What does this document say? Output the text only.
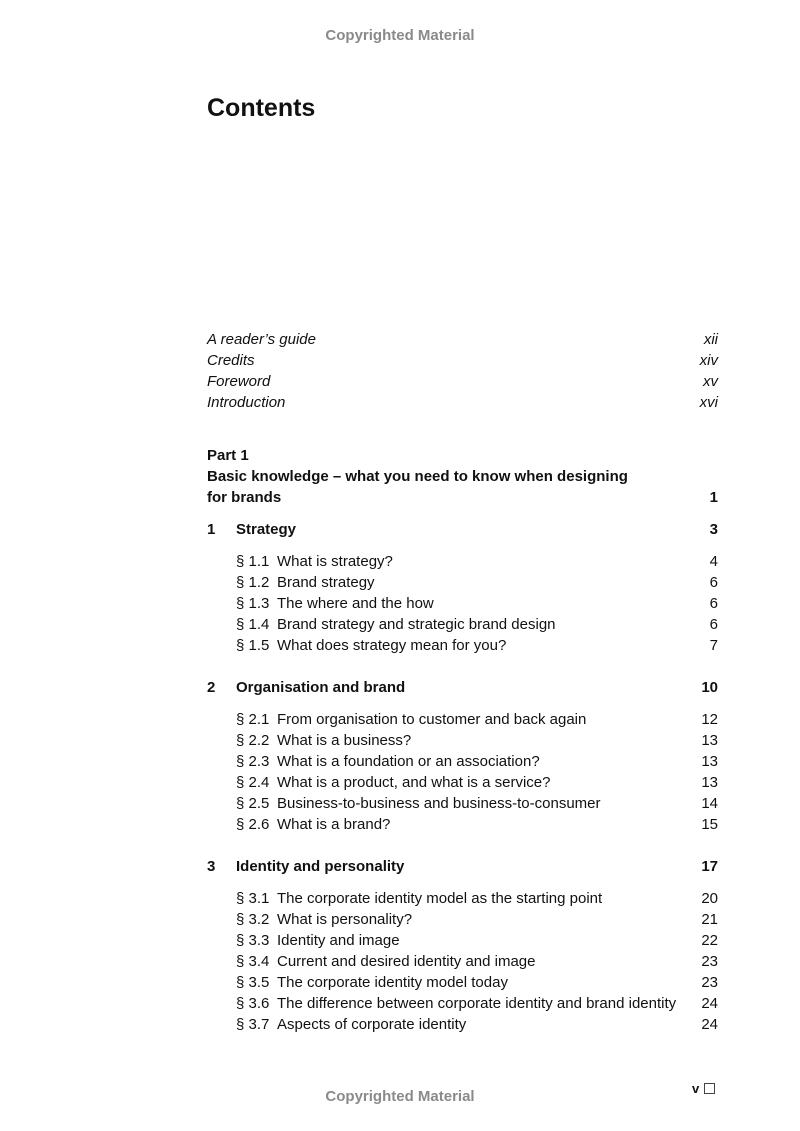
Copyrighted Material
Contents
A reader’s guide	xii
Credits	xiv
Foreword	xv
Introduction	xvi
Part 1
Basic knowledge – what you need to know when designing
for brands	1
1 Strategy	3
§ 1.1 What is strategy?	4
§ 1.2 Brand strategy	6
§ 1.3 The where and the how	6
§ 1.4 Brand strategy and strategic brand design	6
§ 1.5 What does strategy mean for you?	7
2 Organisation and brand	10
§ 2.1 From organisation to customer and back again	12
§ 2.2 What is a business?	13
§ 2.3 What is a foundation or an association?	13
§ 2.4 What is a product, and what is a service?	13
§ 2.5 Business-to-business and business-to-consumer	14
§ 2.6 What is a brand?	15
3 Identity and personality	17
§ 3.1 The corporate identity model as the starting point	20
§ 3.2 What is personality?	21
§ 3.3 Identity and image	22
§ 3.4 Current and desired identity and image	23
§ 3.5 The corporate identity model today	23
§ 3.6 The difference between corporate identity and brand identity 24
§ 3.7 Aspects of corporate identity	24
Copyrighted Material	v
